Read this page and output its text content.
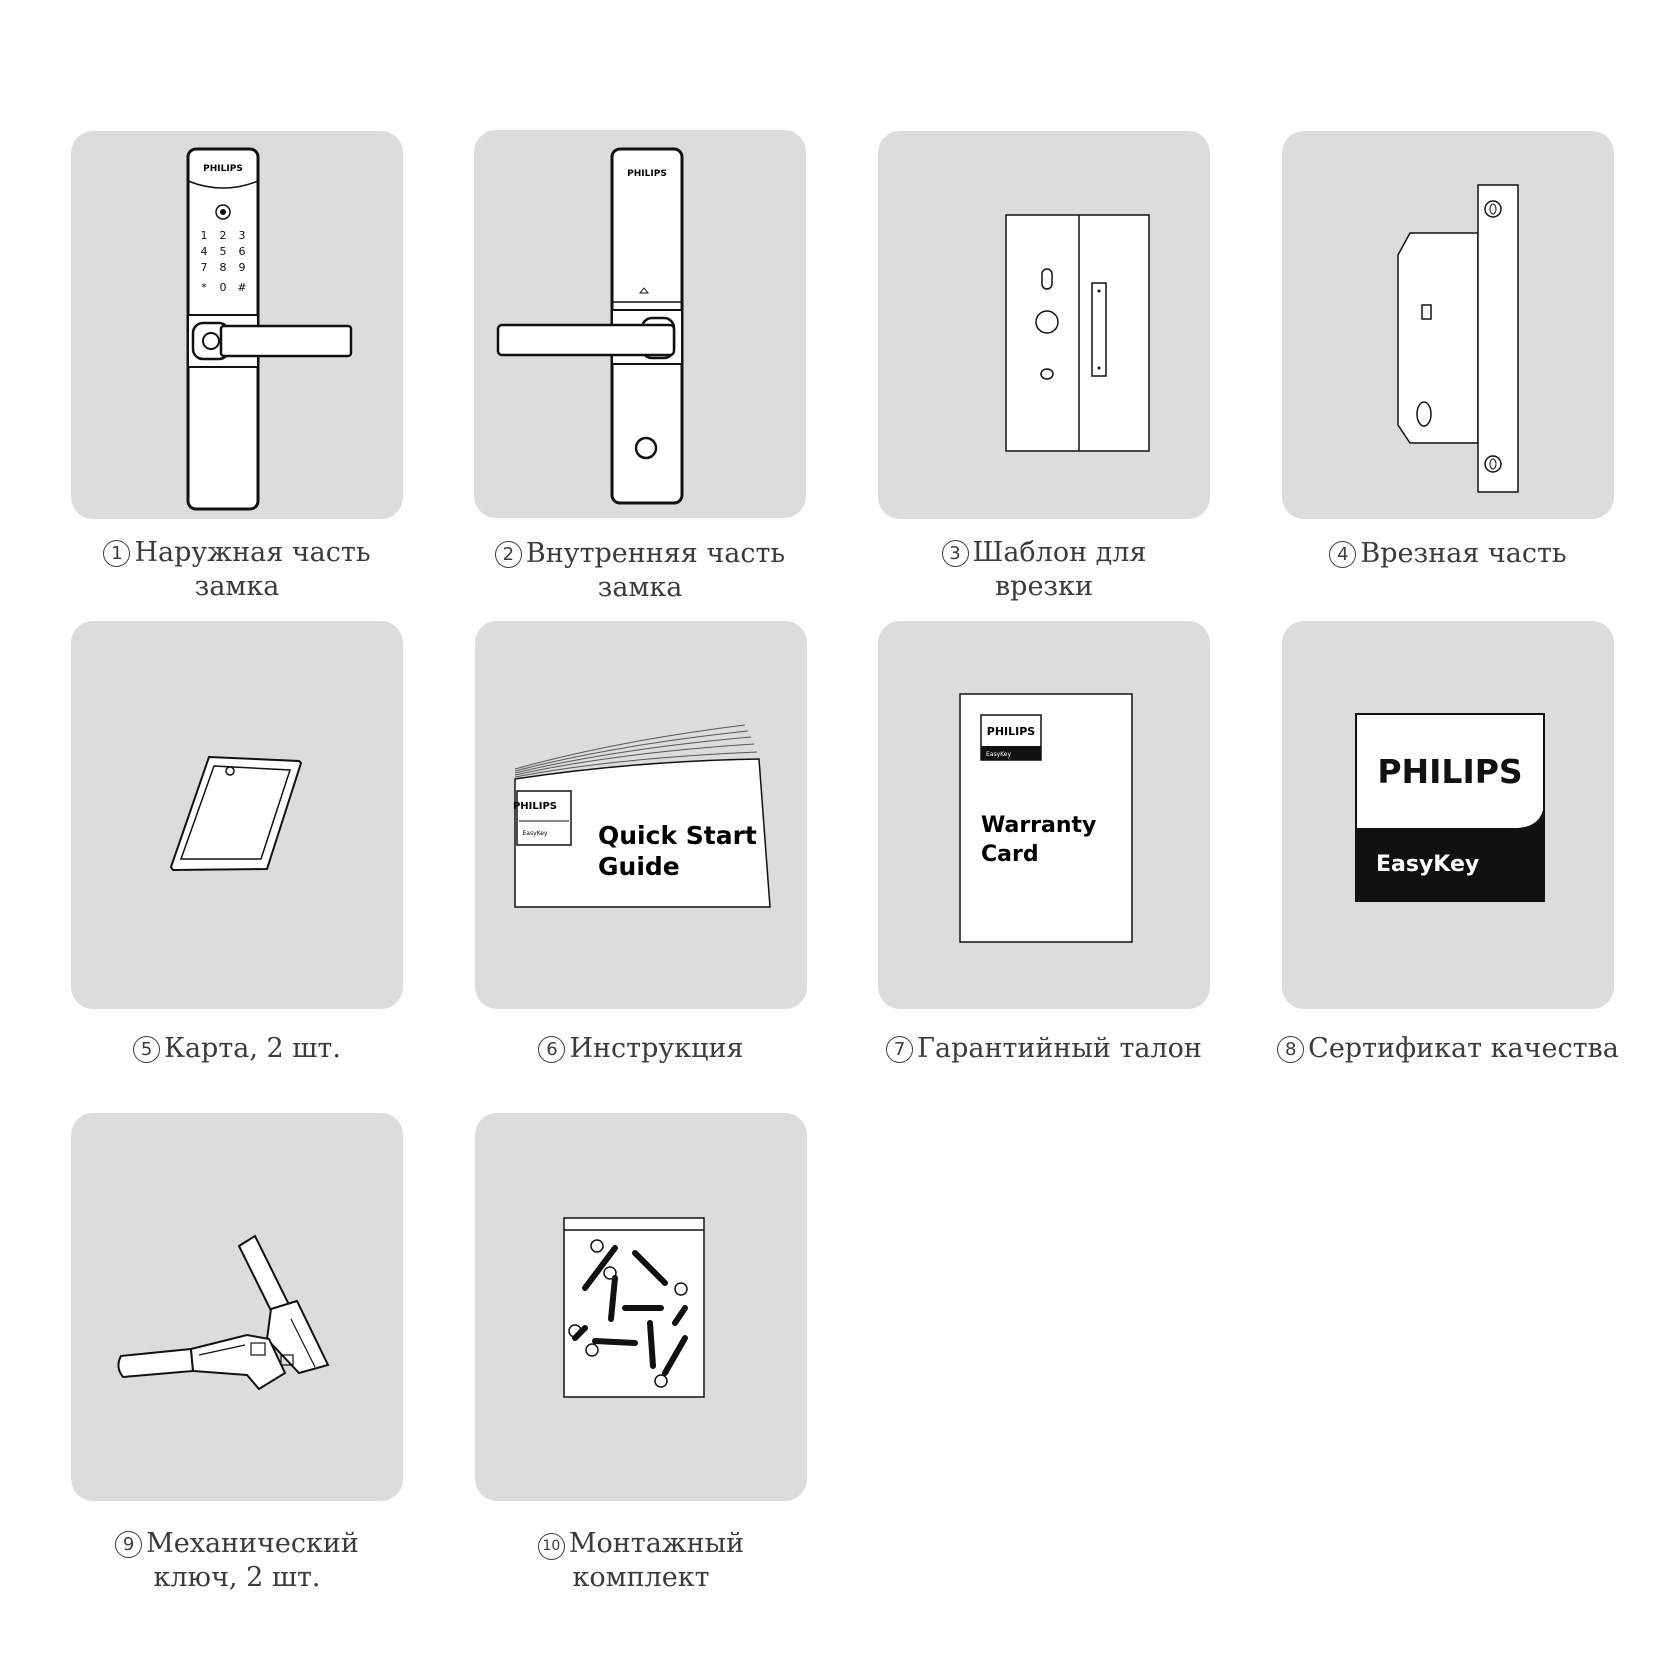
PHILIPS
1 2 3
4 5 6
7 8 9
* 0 #
PHILIPS
1 Наружная часть
замка
2 Внутренняя часть
замка
3 Шаблон для
врезки
4 Врезная часть
PHILIPS
EasyKey Quick Start
Guide
PHILIPS
EasyKey
Warranty
Card
PHILIPS
EasyKey
5 Карта, 2 шт.	6 Инструкция	7 Гарантийный талон	8 Сертификат качества
9 Механический
ключ, 2 шт.
10 Монтажный
комплект
